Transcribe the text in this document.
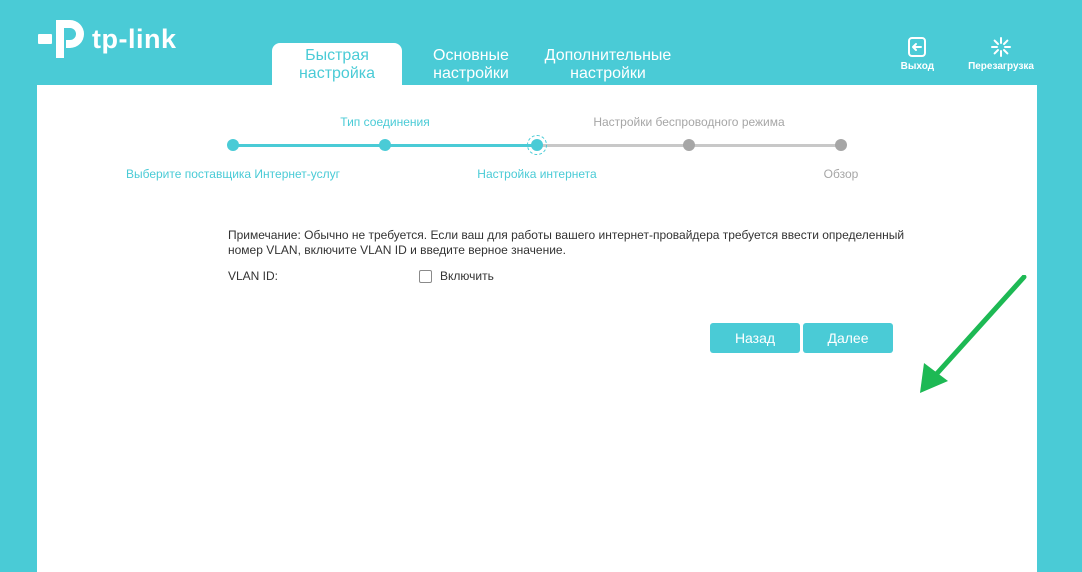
tp-link
Быстрая
настройка
Основные
настройки
Дополнительные
настройки	Выход	Перезагрузка
Выберите поставщика Интернет-услуг
Тип соединения
Настройка интернета
Настройки беспроводного режима
Обзор
Примечание: Обычно не требуется. Если ваш для работы вашего интернет-провайдера требуется ввести определенный номер VLAN, включите VLAN ID и введите верное значение.
VLAN ID:	Включить
Назад	Далее
